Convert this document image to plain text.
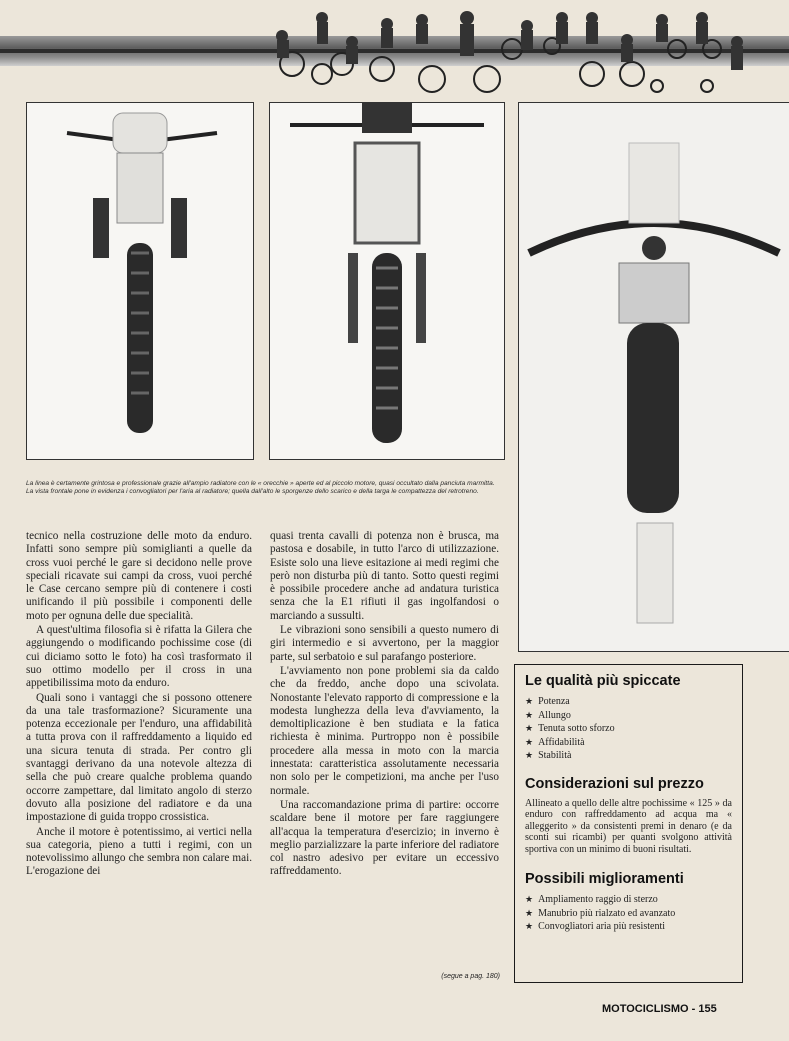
La linea è certamente grintosa e professionale grazie all'ampio radiatore con le « orecchie » aperte ed al piccolo motore, quasi occultato dalla panciuta marmitta. La vista frontale pone in evidenza i convogliatori per l'aria al radiatore; quella dall'alto le sporgenze dello scarico e della targa le compattezza del retrotreno.

tecnico nella costruzione delle moto da enduro. Infatti sono sempre più somiglianti a quelle da cross vuoi perché le gare si decidono nelle prove speciali ricavate sui campi da cross, vuoi perché le Case cercano sempre più di contenere i costi unificando il più possibile i componenti delle moto per ognuna delle due specialità.

A quest'ultima filosofia si è rifatta la Gilera che aggiungendo o modificando pochissime cose (di cui diciamo sotto le foto) ha così trasformato il suo ottimo modello per il cross in una appetibilissima moto da enduro.

Quali sono i vantaggi che si possono ottenere da una tale trasformazione? Sicuramente una potenza eccezionale per l'enduro, una affidabilità a tutta prova con il raffreddamento a liquido ed una sicura tenuta di strada. Per contro gli svantaggi derivano da una notevole altezza di sella che può creare qualche problema quando occorre zampettare, dal limitato angolo di sterzo dovuto alla posizione del radiatore e da una impostazione di guida troppo crossistica.

Anche il motore è potentissimo, ai vertici nella sua categoria, pieno a tutti i regimi, con un notevolissimo allungo che sembra non calare mai. L'erogazione dei

quasi trenta cavalli di potenza non è brusca, ma pastosa e dosabile, in tutto l'arco di utilizzazione. Esiste solo una lieve esitazione ai medi regimi che però non disturba più di tanto. Sotto questi regimi è possibile procedere anche ad andatura turistica senza che la E1 rifiuti il gas ingolfandosi o marciando a sussulti.

Le vibrazioni sono sensibili a questo numero di giri intermedio e si avvertono, per la maggior parte, sul serbatoio e sul parafango posteriore.

L'avviamento non pone problemi sia da caldo che da freddo, anche dopo una scivolata. Nonostante l'elevato rapporto di compressione e la modesta lunghezza della leva d'avviamento, la demoltiplicazione è ben studiata e la fatica richiesta è minima. Purtroppo non è possibile procedere alla messa in moto con la marcia innestata: caratteristica assolutamente necessaria non solo per le competizioni, ma anche per l'uso normale.

Una raccomandazione prima di partire: occorre scaldare bene il motore per fare raggiungere all'acqua la temperatura d'esercizio; in inverno è meglio parzializzare la parte inferiore del radiatore col nastro adesivo per evitare un eccessivo raffreddamento.

(segue a pag. 180)
Le qualità più spiccate
★ Potenza
★ Allungo
★ Tenuta sotto sforzo
★ Affidabilità
★ Stabilità
Considerazioni sul prezzo

Allineato a quello delle altre pochissime « 125 » da enduro con raffreddamento ad acqua ma « alleggerito » da consistenti premi in denaro (e da sconti sui ricambi) per quanti svolgono attività sportiva con un minimo di buoni risultati.

Possibili miglioramenti
★ Ampliamento raggio di sterzo
★ Manubrio più rialzato ed avanzato
★ Convogliatori aria più resistenti
MOTOCICLISMO - 155
